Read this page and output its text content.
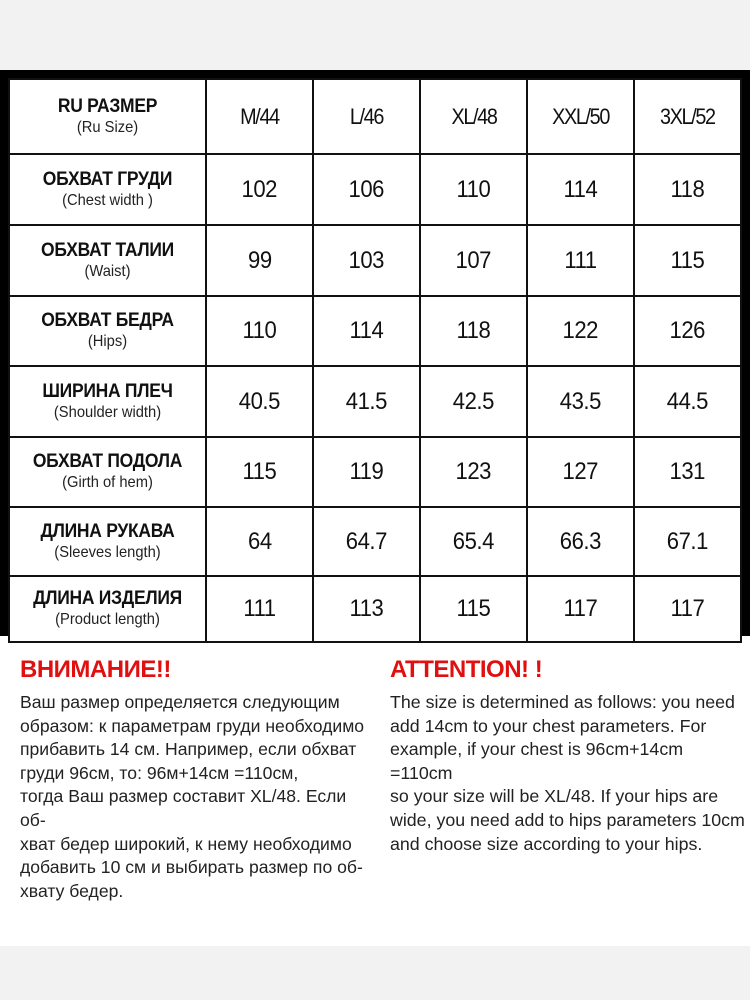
RU РАЗМЕР
(Ru Size)	M/44	L/46	XL/48	XXL/50	3XL/52

ОБХВАТ ГРУДИ
(Chest width )	102	106	110	114	118

ОБХВАТ ТАЛИИ
(Waist)	99	103	107	111	115

ОБХВАТ БЕДРА
(Hips)	110	114	118	122	126

ШИРИНА ПЛЕЧ
(Shoulder width)	40.5	41.5	42.5	43.5	44.5

ОБХВАТ ПОДОЛА
(Girth of hem)	115	119	123	127	131

ДЛИНА РУКАВА
(Sleeves length)	64	64.7	65.4	66.3	67.1

ДЛИНА ИЗДЕЛИЯ
(Product length)	111	113	115	117	117

ВНИМАНИЕ!!

Ваш размер определяется следующим
образом: к параметрам груди необходимо
прибавить 14 см. Например, если обхват
груди 96см, то: 96м+14см =110см,
тогда Ваш размер составит XL/48. Если об-
хват бедер широкий, к нему необходимо
добавить 10 см и выбирать размер по об-
хвату бедер.

ATTENTION! !

The size is determined as follows: you need
add 14cm to your chest parameters. For
example, if your chest is 96cm+14cm =110cm
so your size will be XL/48. If your hips are
wide, you need add to hips parameters 10cm
and choose size according to your hips.
